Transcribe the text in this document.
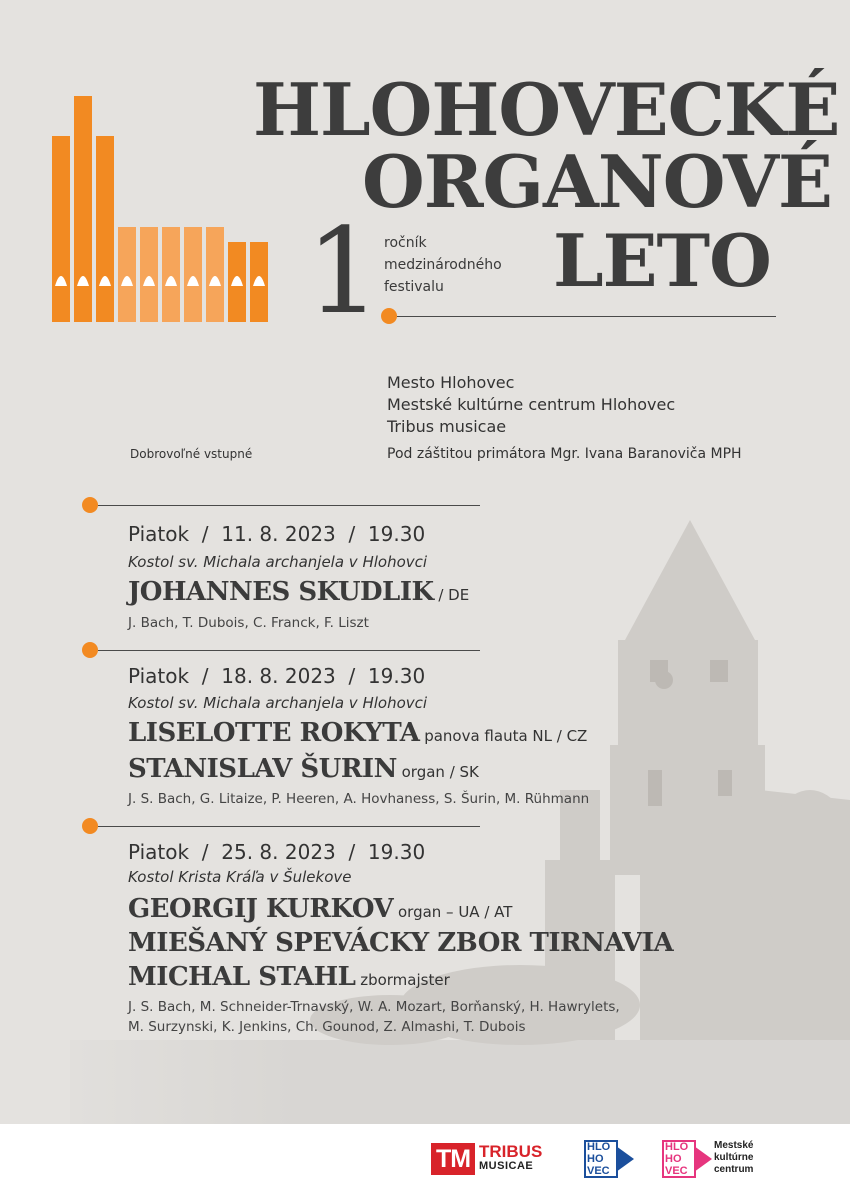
HLOHOVECKÉ
ORGANOVÉ
LETO
1 ročník
medzinárodného
festivalu
Mesto Hlohovec
Mestské kultúrne centrum Hlohovec
Tribus musicae
Pod záštitou primátora Mgr. Ivana Baranoviča MPH
Dobrovoľné vstupné
Piatok  /  11. 8. 2023  /  19.30
Kostol sv. Michala archanjela v Hlohovci
JOHANNES SKUDLIK / DE
J. Bach, T. Dubois, C. Franck, F. Liszt
Piatok  /  18. 8. 2023  /  19.30
Kostol sv. Michala archanjela v Hlohovci
LISELOTTE ROKYTA panova flauta NL / CZ
STANISLAV ŠURIN organ / SK
J. S. Bach, G. Litaize, P. Heeren, A. Hovhaness, S. Šurin, M. Rühmann
Piatok  /  25. 8. 2023  /  19.30
Kostol Krista Kráľa v Šulekove
GEORGIJ KURKOV organ – UA / AT
MIEŠANÝ SPEVÁCKY ZBOR TIRNAVIA
MICHAL STAHL zbormajster
J. S. Bach, M. Schneider-Trnavský, W. A. Mozart, Borňanský, H. Hawrylets,
M. Surzynski, K. Jenkins, Ch. Gounod, Z. Almashi, T. Dubois
TM TRIBUS
MUSICAE
HLO
HO
VEC
HLO
HO
VEC
Mestské
kultúrne
centrum
